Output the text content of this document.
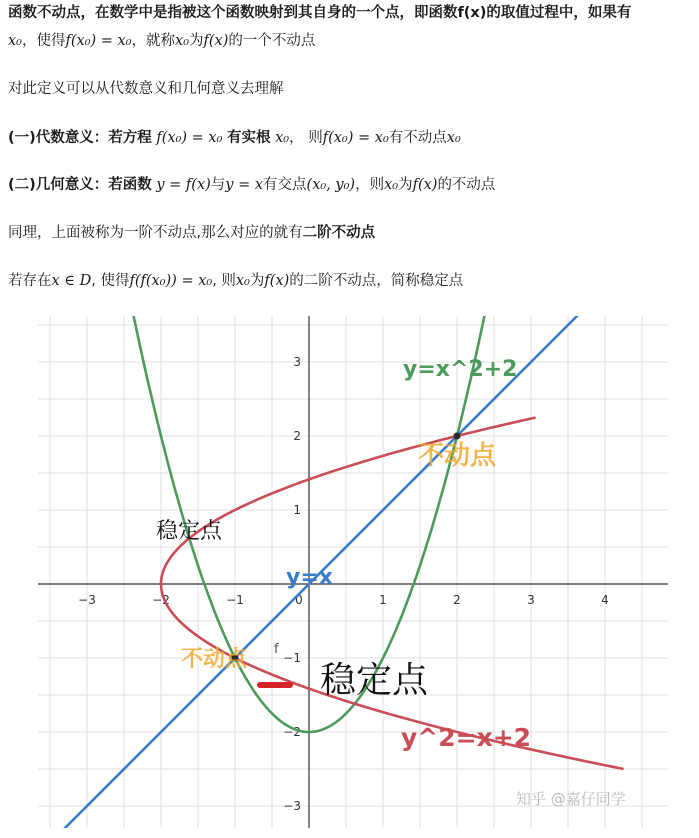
函数不动点，在数学中是指被这个函数映射到其自身的一个点，即函数f(x)的取值过程中，如果有
x₀，使得f(x₀) = x₀，就称x₀为f(x)的一个不动点
对此定义可以从代数意义和几何意义去理解
(一)代数意义：若方程 f(x₀) = x₀ 有实根 x₀， 则f(x₀) = x₀有不动点x₀
(二)几何意义：若函数 y = f(x)与y = x有交点(x₀, y₀)，则x₀为f(x)的不动点
同理，上面被称为一阶不动点,那么对应的就有二阶不动点
若存在x ∈ D, 使得f(f(x₀)) = x₀, 则x₀为f(x)的二阶不动点，简称稳定点
−3	−2	−1	0	1	2	3	4
3
2
1
−1
−2
−3
y=x^2+2
不动点
稳定点
y=x
不动点 f
稳定点
y^2=x+2
知乎 @嘉仔同学
